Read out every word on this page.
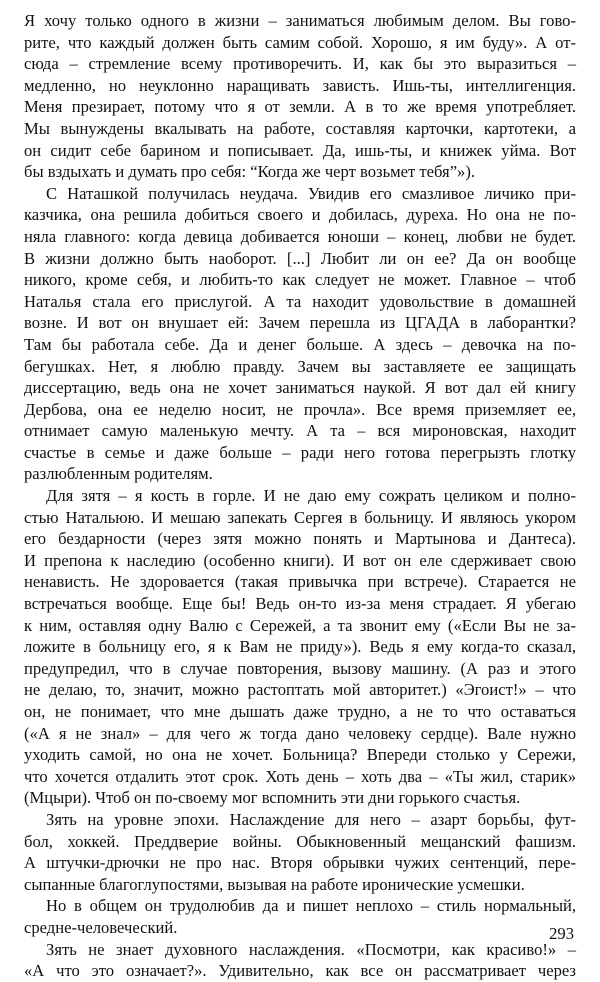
Я хочу только одного в жизни – заниматься любимым делом. Вы гово-
рите, что каждый должен быть самим собой. Хорошо, я им буду». А от-
сюда – стремление всему противоречить. И, как бы это выразиться –
медленно, но неуклонно наращивать зависть. Ишь-ты, интеллигенция.
Меня презирает, потому что я от земли. А в то же время употребляет.
Мы вынуждены вкалывать на работе, составляя карточки, картотеки, а
он сидит себе барином и пописывает. Да, ишь-ты, и книжек уйма. Вот
бы вздыхать и думать про себя: “Когда же черт возьмет тебя”»).
С Наташкой получилась неудача. Увидив его смазливое личико при-
казчика, она решила добиться своего и добилась, дуреха. Но она не по-
няла главного: когда девица добивается юноши – конец, любви не будет.
В жизни должно быть наоборот. [...] Любит ли он ее? Да он вообще
никого, кроме себя, и любить-то как следует не может. Главное – чтоб
Наталья стала его прислугой. А та находит удовольствие в домашней
возне. И вот он внушает ей: Зачем перешла из ЦГАДА в лаборантки?
Там бы работала себе. Да и денег больше. А здесь – девочка на по-
бегушках. Нет, я люблю правду. Зачем вы заставляете ее защищать
диссертацию, ведь она не хочет заниматься наукой. Я вот дал ей книгу
Дербова, она ее неделю носит, не прочла». Все время приземляет ее,
отнимает самую маленькую мечту. А та – вся мироновская, находит
счастье в семье и даже больше – ради него готова перегрызть глотку
разлюбленным родителям.
Для зятя – я кость в горле. И не даю ему сожрать целиком и полно-
стью Натальюю. И мешаю запекать Сергея в больницу. И являюсь укором
его бездарности (через зятя можно понять и Мартынова и Дантеса).
И препона к наследию (особенно книги). И вот он еле сдерживает свою
ненависть. Не здоровается (такая привычка при встрече). Старается не
встречаться вообще. Еще бы! Ведь он-то из-за меня страдает. Я убегаю
к ним, оставляя одну Валю с Сережей, а та звонит ему («Если Вы не за-
ложите в больницу его, я к Вам не приду»). Ведь я ему когда-то сказал,
предупредил, что в случае повторения, вызову машину. (А раз и этого
не делаю, то, значит, можно растоптать мой авторитет.) «Эгоист!» – что
он, не понимает, что мне дышать даже трудно, а не то что оставаться
(«А я не знал» – для чего ж тогда дано человеку сердце). Вале нужно
уходить самой, но она не хочет. Больница? Впереди столько у Сережи,
что хочется отдалить этот срок. Хоть день – хоть два – «Ты жил, старик»
(Мцыри). Чтоб он по-своему мог вспомнить эти дни горького счастья.
Зять на уровне эпохи. Наслаждение для него – азарт борьбы, фут-
бол, хоккей. Преддверие войны. Обыкновенный мещанский фашизм.
А штучки-дрючки не про нас. Вторя обрывки чужих сентенций, пере-
сыпанные благоглупостями, вызывая на работе иронические усмешки.
Но в общем он трудолюбив да и пишет неплохо – стиль нормальный,
средне-человеческий.
Зять не знает духовного наслаждения. «Посмотри, как красиво!» –
«А что это означает?». Удивительно, как все он рассматривает через
293
